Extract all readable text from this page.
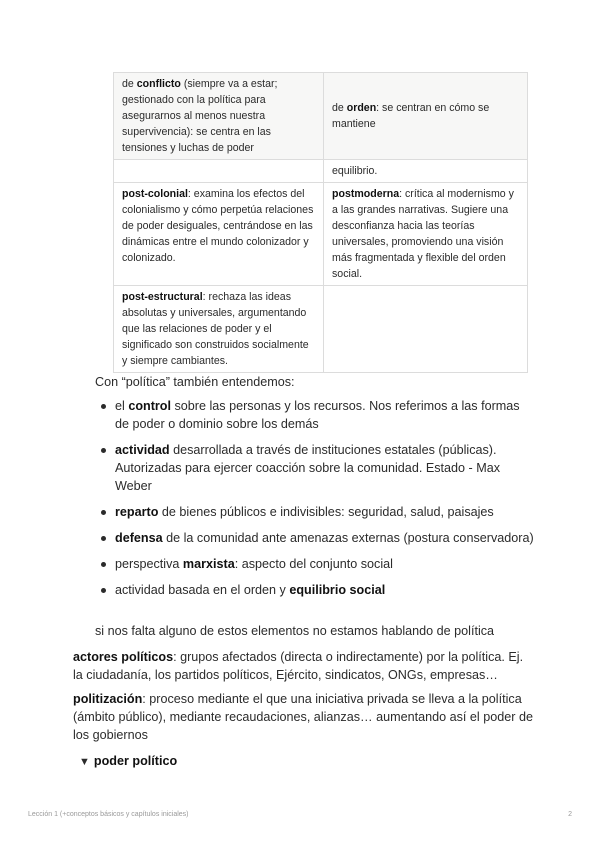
de conflicto (siempre va a estar; gestionado con la política para asegurarnos al menos nuestra supervivencia): se centra en las tensiones y luchas de poder	de orden: se centran en cómo se mantiene
	equilibrio.
post-colonial: examina los efectos del colonialismo y cómo perpetúa relaciones de poder desiguales, centrándose en las dinámicas entre el mundo colonizador y colonizado.	postmoderna: crítica al modernismo y a las grandes narrativas. Sugiere una desconfianza hacia las teorías universales, promoviendo una visión más fragmentada y flexible del orden social.
post-estructural: rechaza las ideas absolutas y universales, argumentando que las relaciones de poder y el significado son construidos socialmente y siempre cambiantes.	
Con “política” también entendemos:
el control sobre las personas y los recursos. Nos referimos a las formas de poder o dominio sobre los demás
actividad desarrollada a través de instituciones estatales (públicas). Autorizadas para ejercer coacción sobre la comunidad. Estado - Max Weber
reparto de bienes públicos e indivisibles: seguridad, salud, paisajes
defensa de la comunidad ante amenazas externas (postura conservadora)
perspectiva marxista: aspecto del conjunto social
actividad basada en el orden y equilibrio social
si nos falta alguno de estos elementos no estamos hablando de política
actores políticos: grupos afectados (directa o indirectamente) por la política. Ej. la ciudadanía, los partidos políticos, Ejército, sindicatos, ONGs, empresas…
politización: proceso mediante el que una iniciativa privada se lleva a la política (ámbito público), mediante recaudaciones, alianzas… aumentando así el poder de los gobiernos
▼ poder político
Lección 1 (+conceptos básicos y capítulos iniciales)	2
